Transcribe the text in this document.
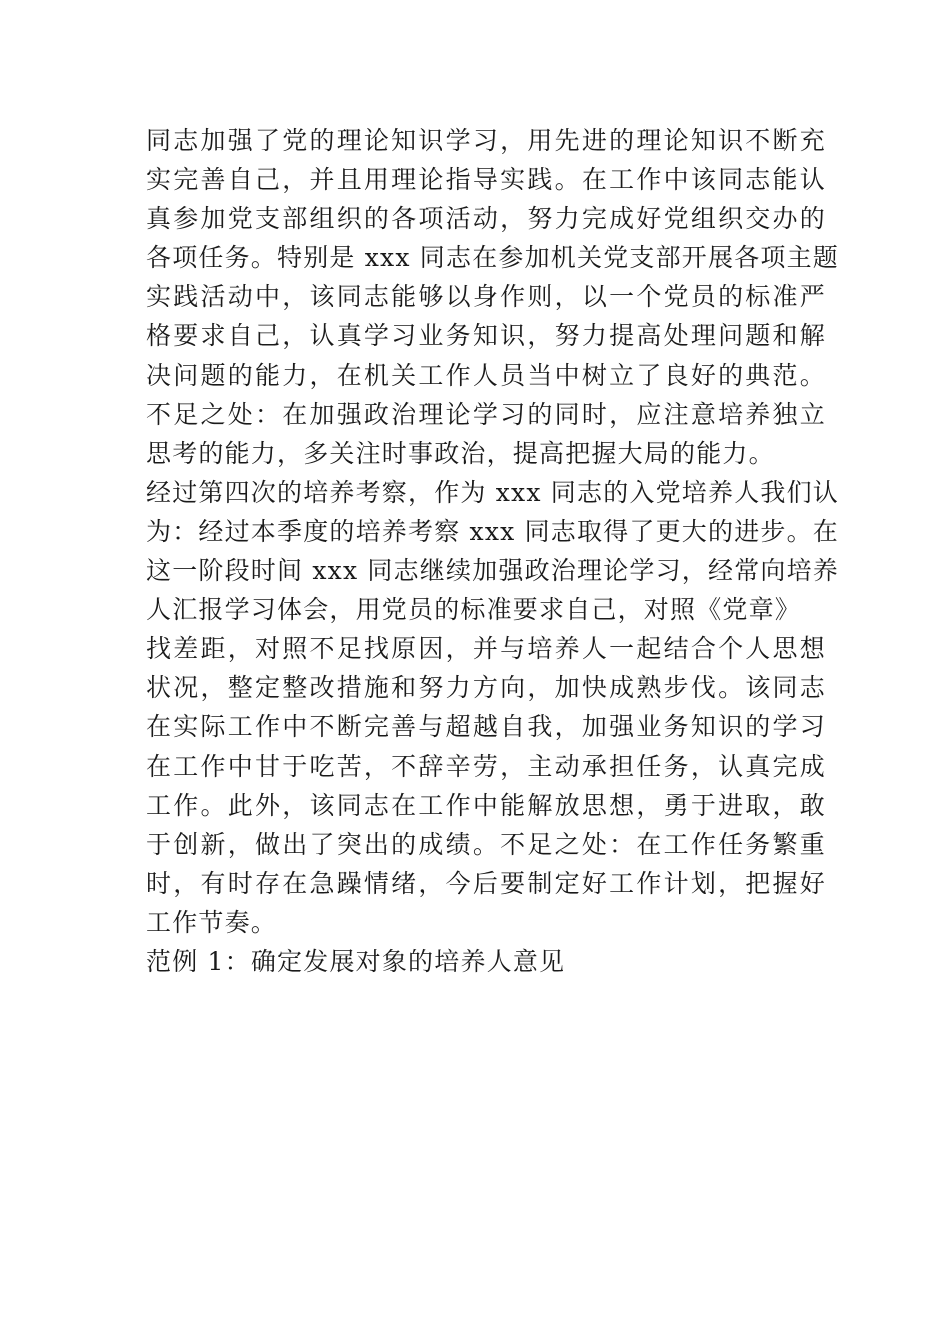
同志加强了党的理论知识学习，用先进的理论知识不断充
实完善自己，并且用理论指导实践。在工作中该同志能认
真参加党支部组织的各项活动，努力完成好党组织交办的
各项任务。特别是 xxx 同志在参加机关党支部开展各项主题
实践活动中，该同志能够以身作则，以一个党员的标准严
格要求自己，认真学习业务知识，努力提高处理问题和解
决问题的能力，在机关工作人员当中树立了良好的典范。
不足之处：在加强政治理论学习的同时，应注意培养独立
思考的能力，多关注时事政治，提高把握大局的能力。
经过第四次的培养考察，作为 xxx 同志的入党培养人我们认
为：经过本季度的培养考察 xxx 同志取得了更大的进步。在
这一阶段时间 xxx 同志继续加强政治理论学习，经常向培养
人汇报学习体会，用党员的标准要求自己，对照《党章》
找差距，对照不足找原因，并与培养人一起结合个人思想
状况，整定整改措施和努力方向，加快成熟步伐。该同志
在实际工作中不断完善与超越自我，加强业务知识的学习
在工作中甘于吃苦，不辞辛劳，主动承担任务，认真完成
工作。此外，该同志在工作中能解放思想，勇于进取，敢
于创新，做出了突出的成绩。不足之处：在工作任务繁重
时，有时存在急躁情绪，今后要制定好工作计划，把握好
工作节奏。
范例 1：确定发展对象的培养人意见
